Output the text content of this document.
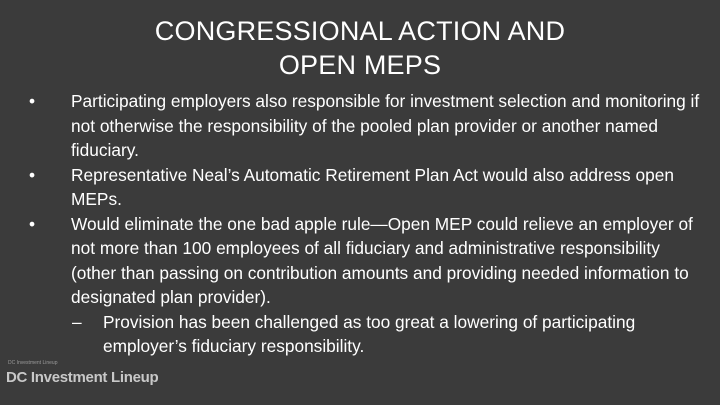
CONGRESSIONAL ACTION AND
OPEN MEPS
DC Investment Lineup
DC Investment Lineup

• Participating employers also responsible for investment selection and monitoring if not otherwise the responsibility of the pooled plan provider or another named fiduciary.

• Representative Neal’s Automatic Retirement Plan Act would also address open MEPs.

• Would eliminate the one bad apple rule—Open MEP could relieve an employer of not more than 100 employees of all fiduciary and administrative responsibility (other than passing on contribution amounts and providing needed information to designated plan provider).

– Provision has been challenged as too great a lowering of participating employer’s fiduciary responsibility.
